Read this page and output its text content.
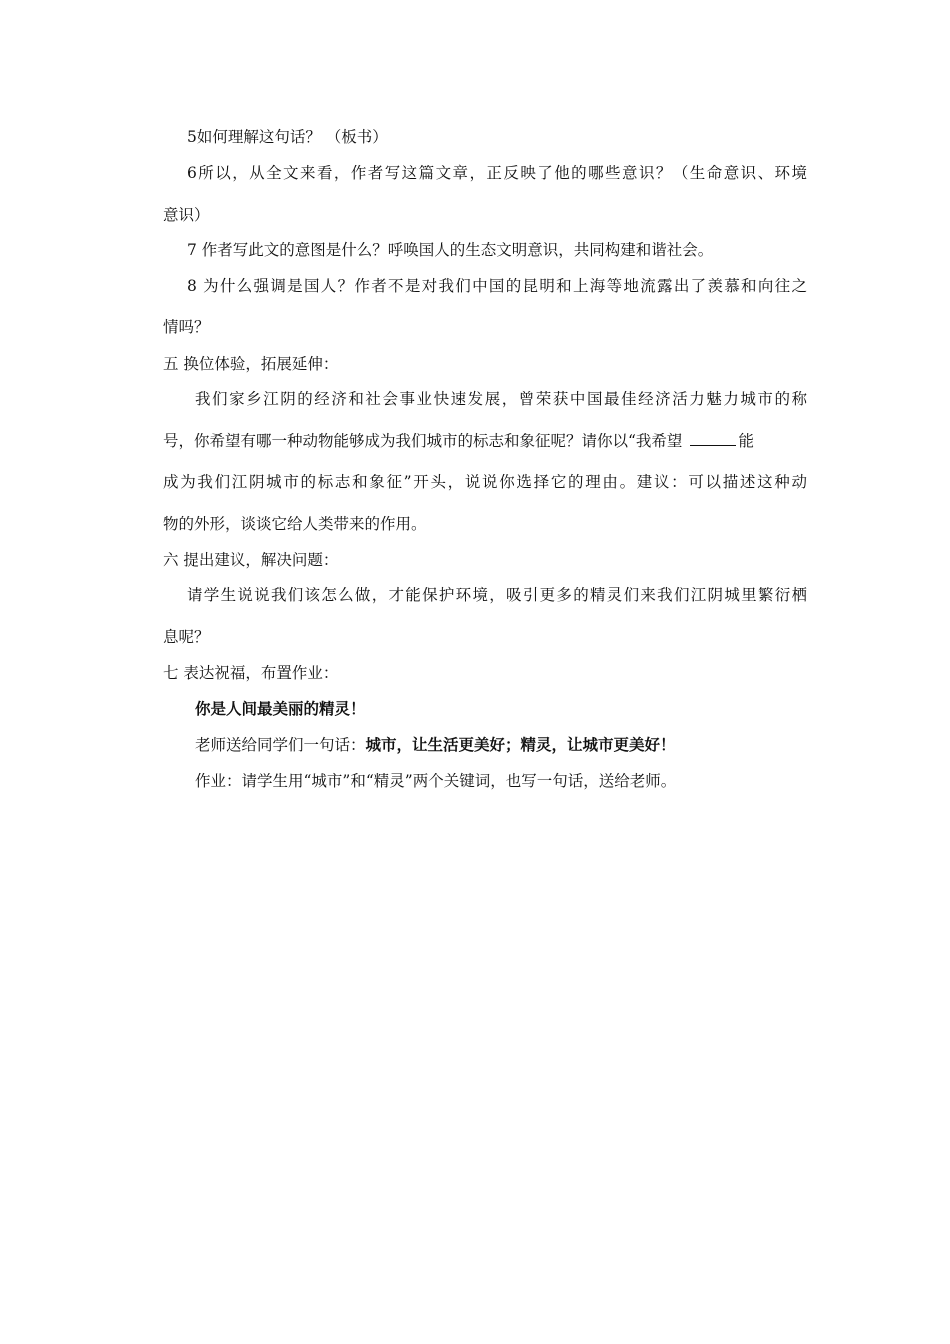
5如何理解这句话？ （板书）
6所以，从全文来看，作者写这篇文章，正反映了他的哪些意识？（生命意识、环境
意识）
7 作者写此文的意图是什么？呼唤国人的生态文明意识，共同构建和谐社会。
8 为什么强调是国人？作者不是对我们中国的昆明和上海等地流露出了羡慕和向往之
情吗？
五 换位体验，拓展延伸：
我们家乡江阴的经济和社会事业快速发展，曾荣获中国最佳经济活力魅力城市的称
号，你希望有哪一种动物能够成为我们城市的标志和象征呢？请你以“我希望	能
成为我们江阴城市的标志和象征”开头，说说你选择它的理由。建议：可以描述这种动
物的外形，谈谈它给人类带来的作用。
六 提出建议，解决问题：
请学生说说我们该怎么做，才能保护环境，吸引更多的精灵们来我们江阴城里繁衍栖
息呢？
七 表达祝福，布置作业：
你是人间最美丽的精灵！
老师送给同学们一句话：城市，让生活更美好；精灵，让城市更美好！
作业：请学生用“城市”和“精灵”两个关键词，也写一句话，送给老师。
